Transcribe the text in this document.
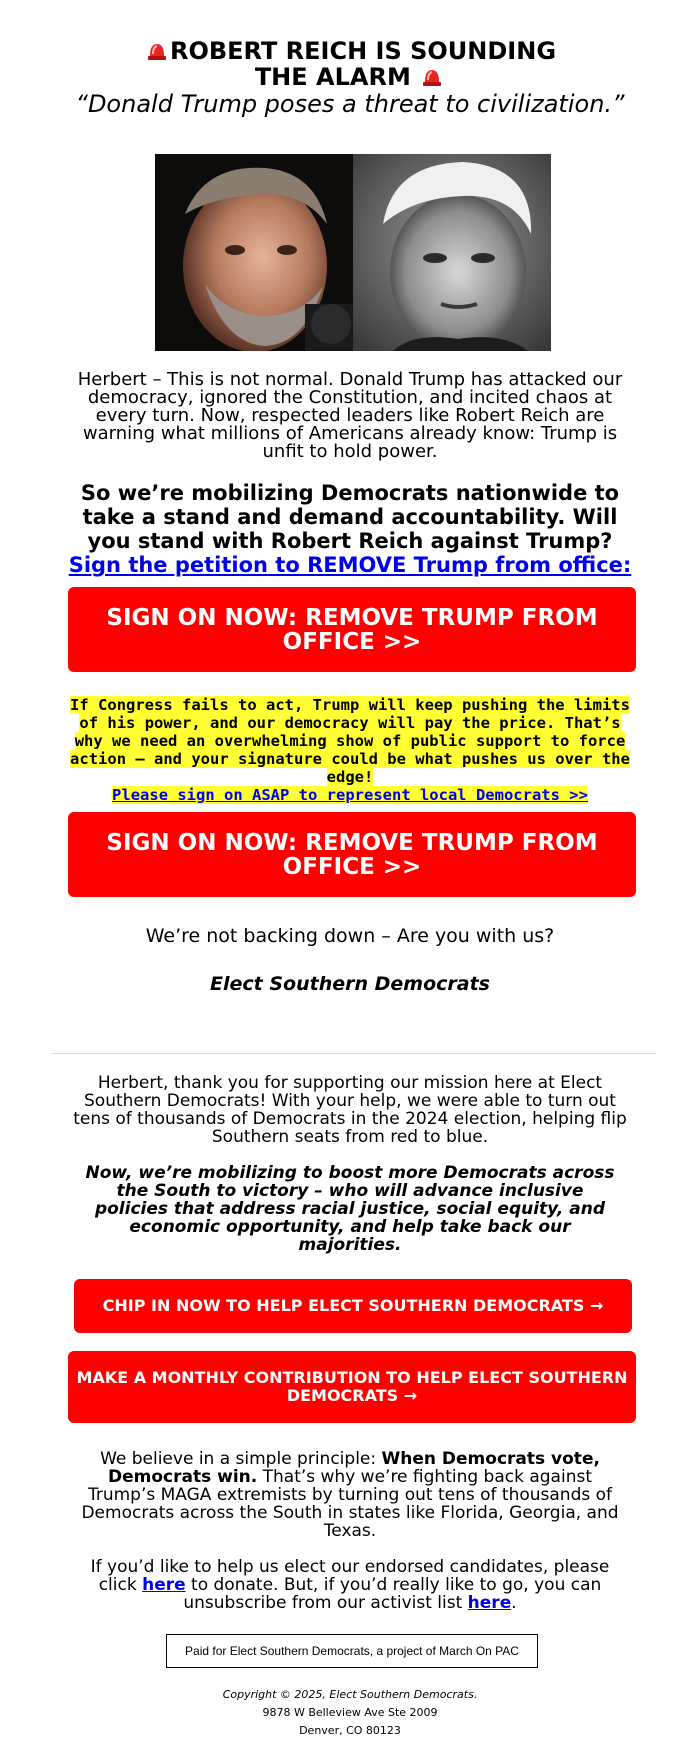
ROBERT REICH IS SOUNDING
THE ALARM

“Donald Trump poses a threat to civilization.”

Herbert – This is not normal. Donald Trump has attacked our democracy, ignored the Constitution, and incited chaos at every turn. Now, respected leaders like Robert Reich are warning what millions of Americans already know: Trump is unfit to hold power.

So we’re mobilizing Democrats nationwide to take a stand and demand accountability. Will you stand with Robert Reich against Trump? Sign the petition to REMOVE Trump from office:

SIGN ON NOW: REMOVE TRUMP FROM OFFICE >>

If Congress fails to act, Trump will keep pushing the limits of his power, and our democracy will pay the price. That’s why we need an overwhelming show of public support to force action – and your signature could be what pushes us over the edge!
Please sign on ASAP to represent local Democrats >>

SIGN ON NOW: REMOVE TRUMP FROM OFFICE >>

We’re not backing down – Are you with us?

Elect Southern Democrats

Herbert, thank you for supporting our mission here at Elect Southern Democrats! With your help, we were able to turn out tens of thousands of Democrats in the 2024 election, helping flip Southern seats from red to blue.

Now, we’re mobilizing to boost more Democrats across the South to victory – who will advance inclusive policies that address racial justice, social equity, and economic opportunity, and help take back our majorities.

CHIP IN NOW TO HELP ELECT SOUTHERN DEMOCRATS →
MAKE A MONTHLY CONTRIBUTION TO HELP ELECT SOUTHERN DEMOCRATS →

We believe in a simple principle: When Democrats vote, Democrats win. That’s why we’re fighting back against Trump’s MAGA extremists by turning out tens of thousands of Democrats across the South in states like Florida, Georgia, and Texas.

If you’d like to help us elect our endorsed candidates, please click here to donate. But, if you’d really like to go, you can unsubscribe from our activist list here.

Paid for Elect Southern Democrats, a project of March On PAC
Copyright © 2025, Elect Southern Democrats.
9878 W Belleview Ave Ste 2009
Denver, CO 80123
